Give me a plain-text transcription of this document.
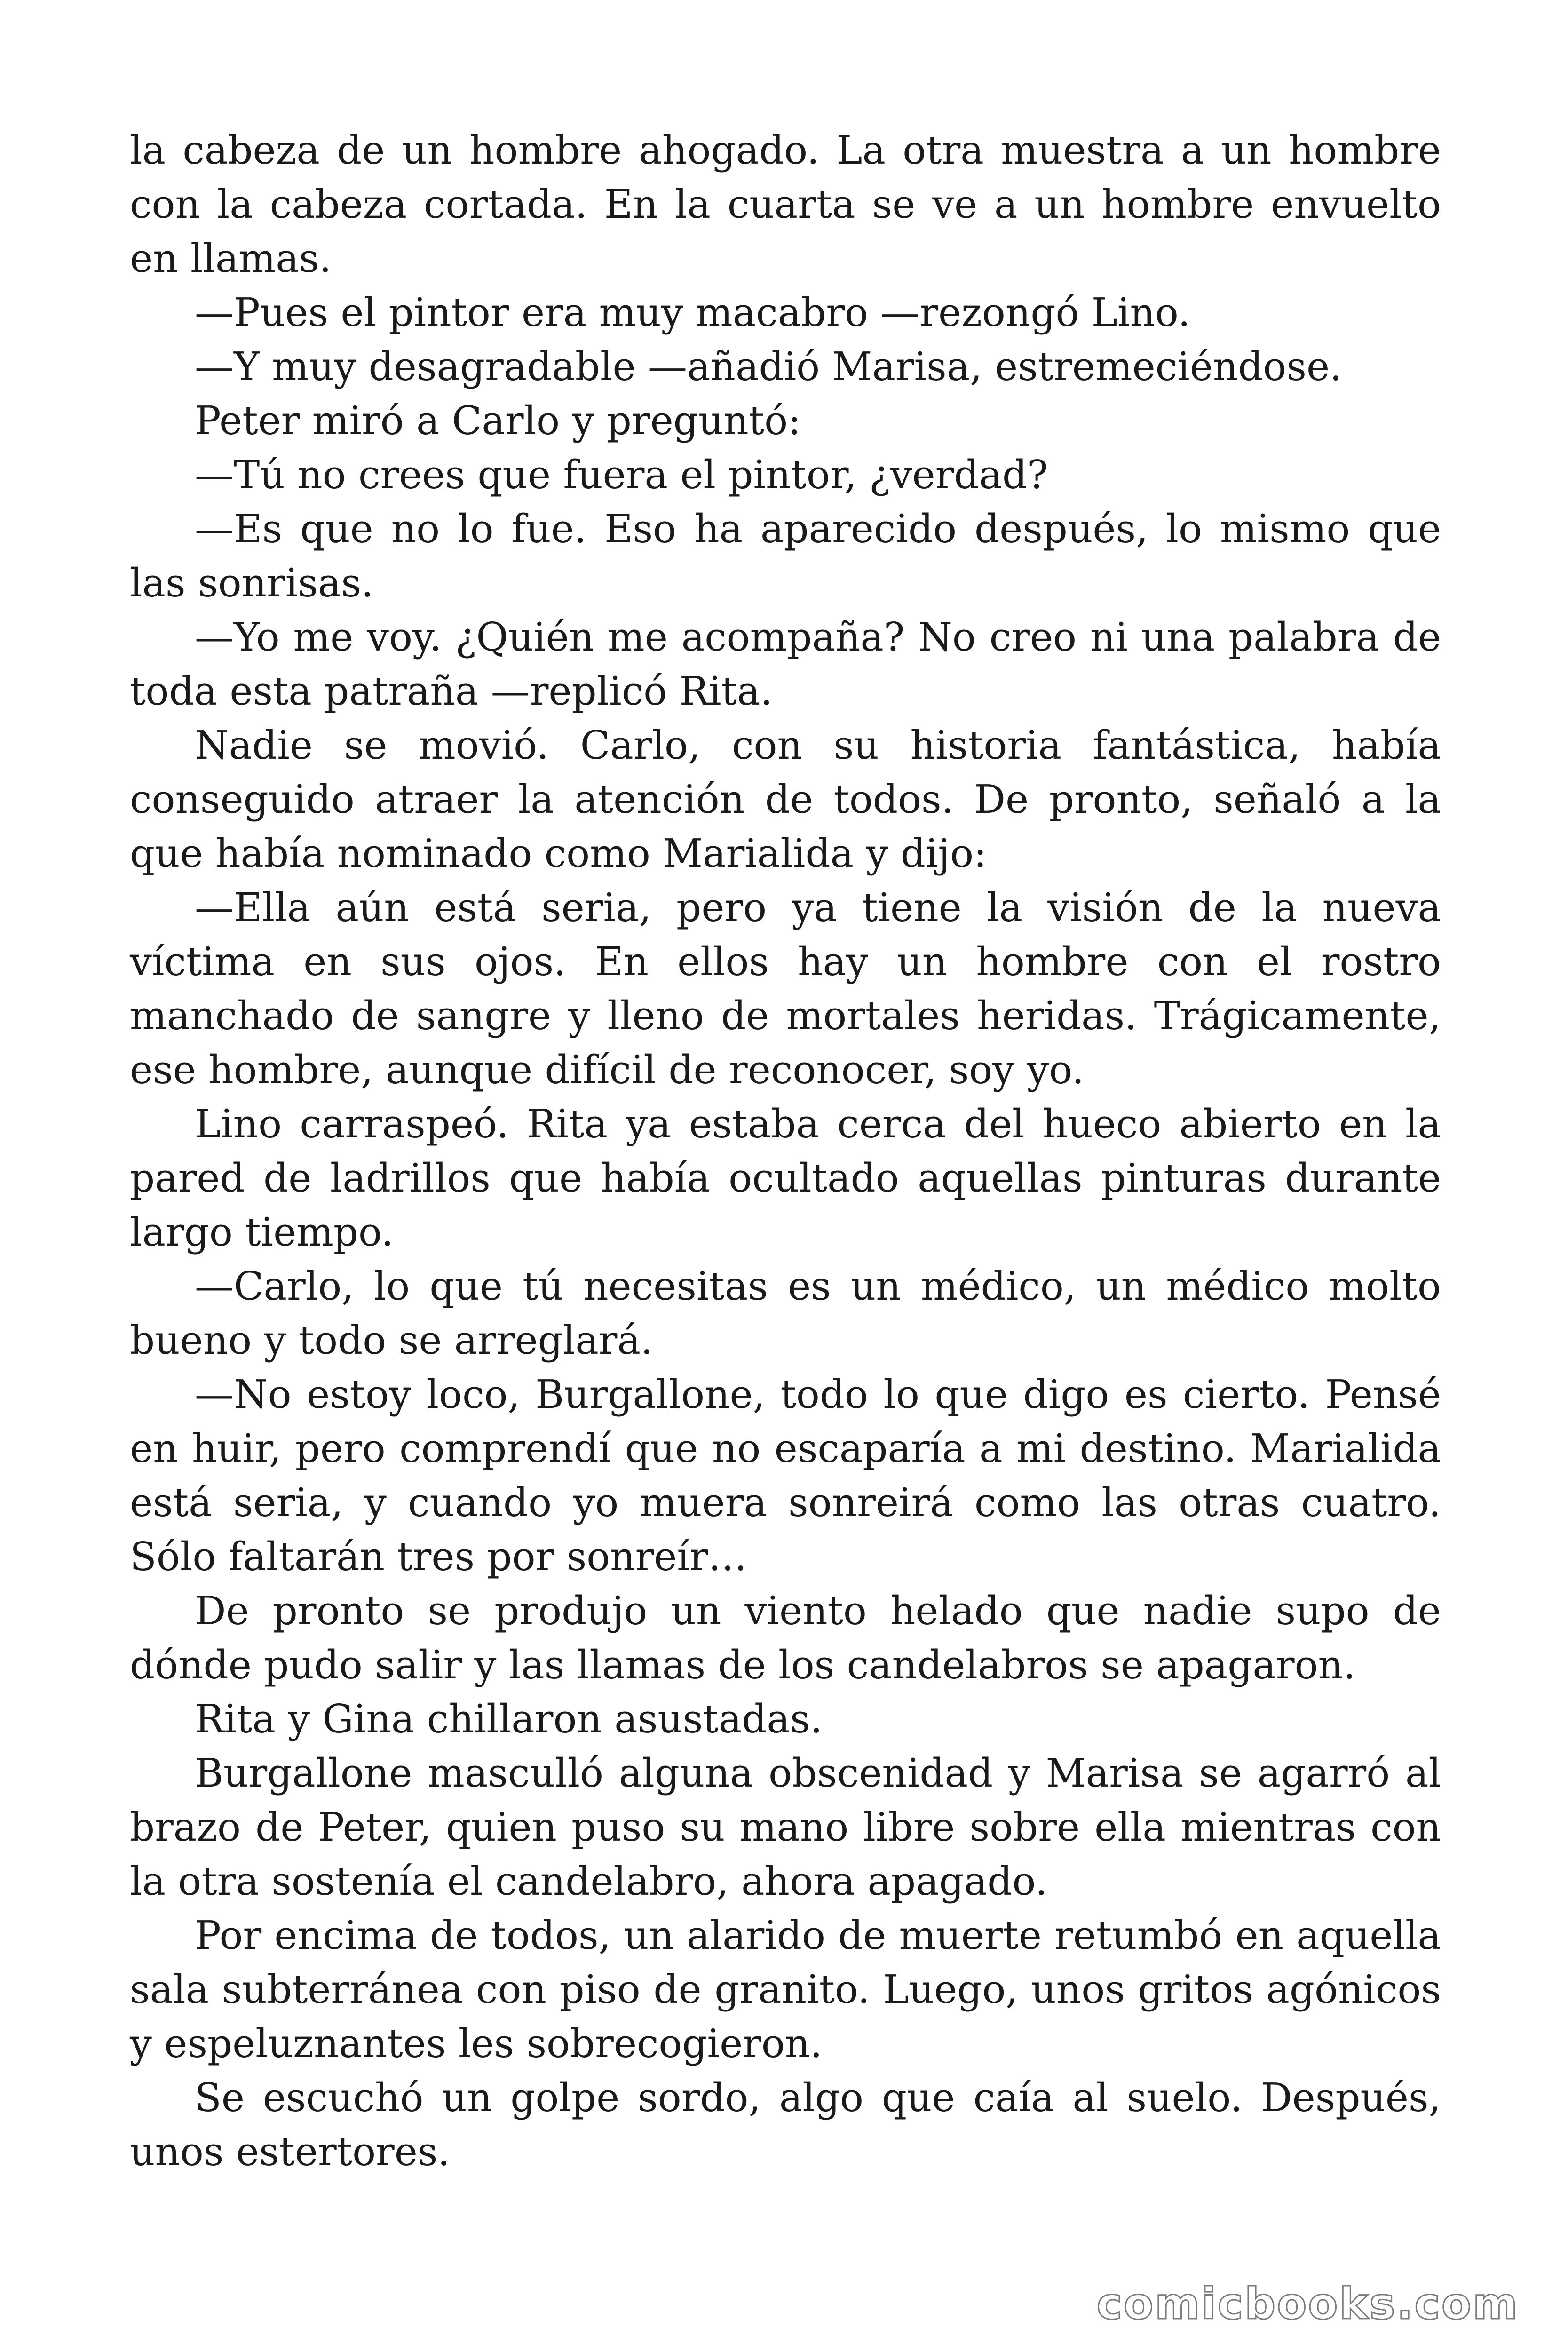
la cabeza de un hombre ahogado. La otra muestra a un hombre con la cabeza cortada. En la cuarta se ve a un hombre envuelto en llamas.

—Pues el pintor era muy macabro —rezongó Lino.

—Y muy desagradable —añadió Marisa, estremeciéndose.

Peter miró a Carlo y preguntó:

—Tú no crees que fuera el pintor, ¿verdad?

—Es que no lo fue. Eso ha aparecido después, lo mismo que las sonrisas.

—Yo me voy. ¿Quién me acompaña? No creo ni una palabra de toda esta patraña —replicó Rita.

Nadie se movió. Carlo, con su historia fantástica, había conseguido atraer la atención de todos. De pronto, señaló a la que había nominado como Marialida y dijo:

—Ella aún está seria, pero ya tiene la visión de la nueva víctima en sus ojos. En ellos hay un hombre con el rostro manchado de sangre y lleno de mortales heridas. Trágicamente, ese hombre, aunque difícil de reconocer, soy yo.

Lino carraspeó. Rita ya estaba cerca del hueco abierto en la pared de ladrillos que había ocultado aquellas pinturas durante largo tiempo.

—Carlo, lo que tú necesitas es un médico, un médico molto bueno y todo se arreglará.

—No estoy loco, Burgallone, todo lo que digo es cierto. Pensé en huir, pero comprendí que no escaparía a mi destino. Marialida está seria, y cuando yo muera sonreirá como las otras cuatro. Sólo faltarán tres por sonreír…

De pronto se produjo un viento helado que nadie supo de dónde pudo salir y las llamas de los candelabros se apagaron.

Rita y Gina chillaron asustadas.

Burgallone masculló alguna obscenidad y Marisa se agarró al brazo de Peter, quien puso su mano libre sobre ella mientras con la otra sostenía el candelabro, ahora apagado.

Por encima de todos, un alarido de muerte retumbó en aquella sala subterránea con piso de granito. Luego, unos gritos agónicos y espeluznantes les sobrecogieron.

Se escuchó un golpe sordo, algo que caía al suelo. Después, unos estertores.

comicbooks.com
